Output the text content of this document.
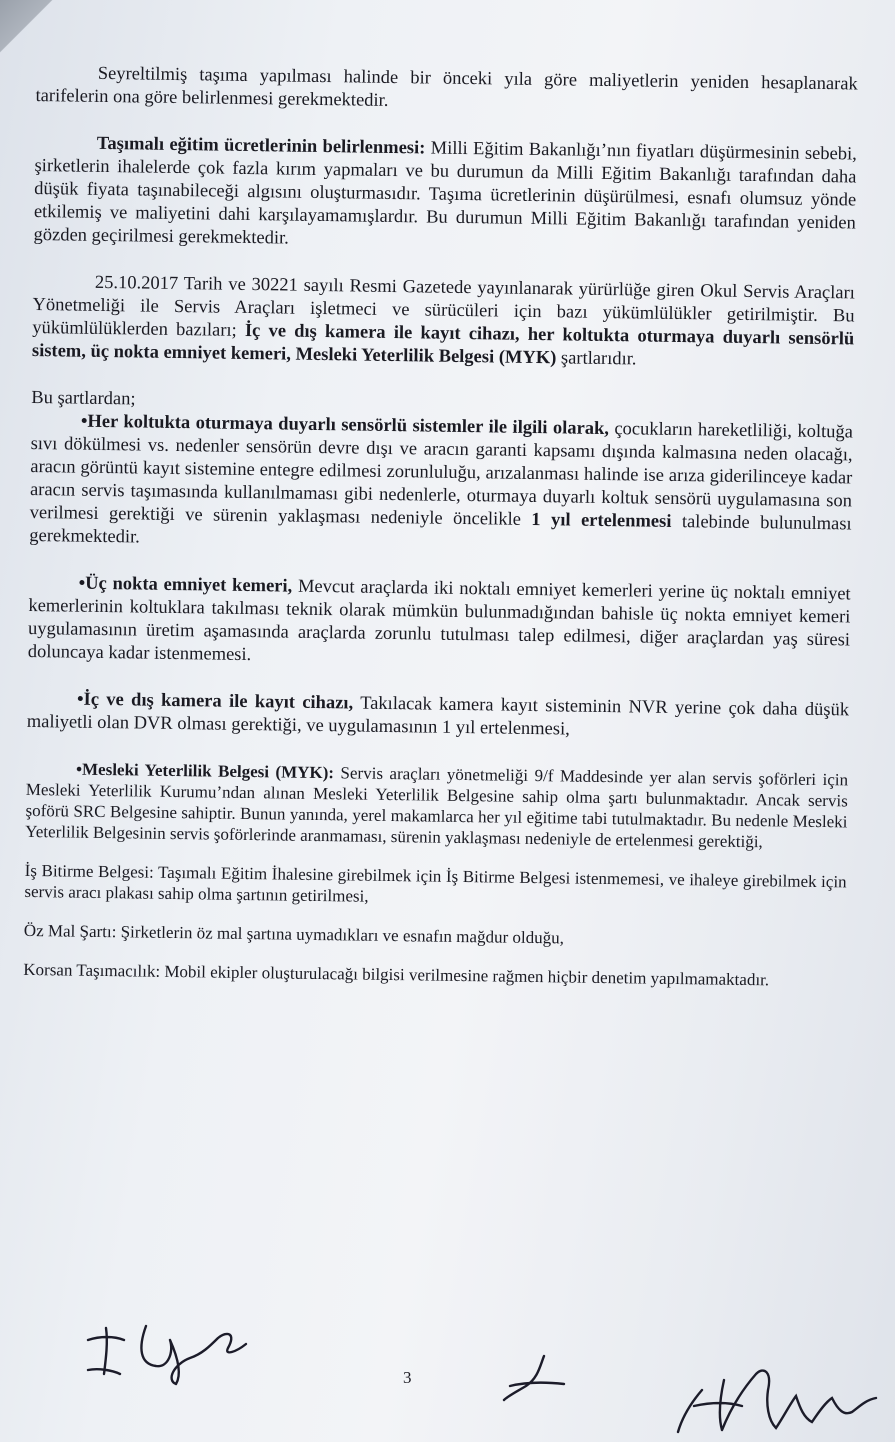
Seyreltilmiş taşıma yapılması halinde bir önceki yıla göre maliyetlerin yeniden hesaplanarak tarifelerin ona göre belirlenmesi gerekmektedir.

Taşımalı eğitim ücretlerinin belirlenmesi: Milli Eğitim Bakanlığı’nın fiyatları düşürmesinin sebebi, şirketlerin ihalelerde çok fazla kırım yapmaları ve bu durumun da Milli Eğitim Bakanlığı tarafından daha düşük fiyata taşınabileceği algısını oluşturmasıdır. Taşıma ücretlerinin düşürülmesi, esnafı olumsuz yönde etkilemiş ve maliyetini dahi karşılayamamışlardır. Bu durumun Milli Eğitim Bakanlığı tarafından yeniden gözden geçirilmesi gerekmektedir.

25.10.2017 Tarih ve 30221 sayılı Resmi Gazetede yayınlanarak yürürlüğe giren Okul Servis Araçları Yönetmeliği ile Servis Araçları işletmeci ve sürücüleri için bazı yükümlülükler getirilmiştir. Bu yükümlülüklerden bazıları; İç ve dış kamera ile kayıt cihazı, her koltukta oturmaya duyarlı sensörlü sistem, üç nokta emniyet kemeri, Mesleki Yeterlilik Belgesi (MYK) şartlarıdır.

Bu şartlardan;

•Her koltukta oturmaya duyarlı sensörlü sistemler ile ilgili olarak, çocukların hareketliliği, koltuğa sıvı dökülmesi vs. nedenler sensörün devre dışı ve aracın garanti kapsamı dışında kalmasına neden olacağı, aracın görüntü kayıt sistemine entegre edilmesi zorunluluğu, arızalanması halinde ise arıza giderilinceye kadar aracın servis taşımasında kullanılmaması gibi nedenlerle, oturmaya duyarlı koltuk sensörü uygulamasına son verilmesi gerektiği ve sürenin yaklaşması nedeniyle öncelikle 1 yıl ertelenmesi talebinde bulunulması gerekmektedir.

•Üç nokta emniyet kemeri, Mevcut araçlarda iki noktalı emniyet kemerleri yerine üç noktalı emniyet kemerlerinin koltuklara takılması teknik olarak mümkün bulunmadığından bahisle üç nokta emniyet kemeri uygulamasının üretim aşamasında araçlarda zorunlu tutulması talep edilmesi, diğer araçlardan yaş süresi doluncaya kadar istenmemesi.

•İç ve dış kamera ile kayıt cihazı, Takılacak kamera kayıt sisteminin NVR yerine çok daha düşük maliyetli olan DVR olması gerektiği, ve uygulamasının 1 yıl ertelenmesi,

•Mesleki Yeterlilik Belgesi (MYK): Servis araçları yönetmeliği 9/f Maddesinde yer alan servis şoförleri için Mesleki Yeterlilik Kurumu’ndan alınan Mesleki Yeterlilik Belgesine sahip olma şartı bulunmaktadır. Ancak servis şoförü SRC Belgesine sahiptir. Bunun yanında, yerel makamlarca her yıl eğitime tabi tutulmaktadır. Bu nedenle Mesleki Yeterlilik Belgesinin servis şoförlerinde aranmaması, sürenin yaklaşması nedeniyle de ertelenmesi gerektiği,

İş Bitirme Belgesi: Taşımalı Eğitim İhalesine girebilmek için İş Bitirme Belgesi istenmemesi, ve ihaleye girebilmek için servis aracı plakası sahip olma şartının getirilmesi,

Öz Mal Şartı: Şirketlerin öz mal şartına uymadıkları ve esnafın mağdur olduğu,

Korsan Taşımacılık: Mobil ekipler oluşturulacağı bilgisi verilmesine rağmen hiçbir denetim yapılmamaktadır.

3
